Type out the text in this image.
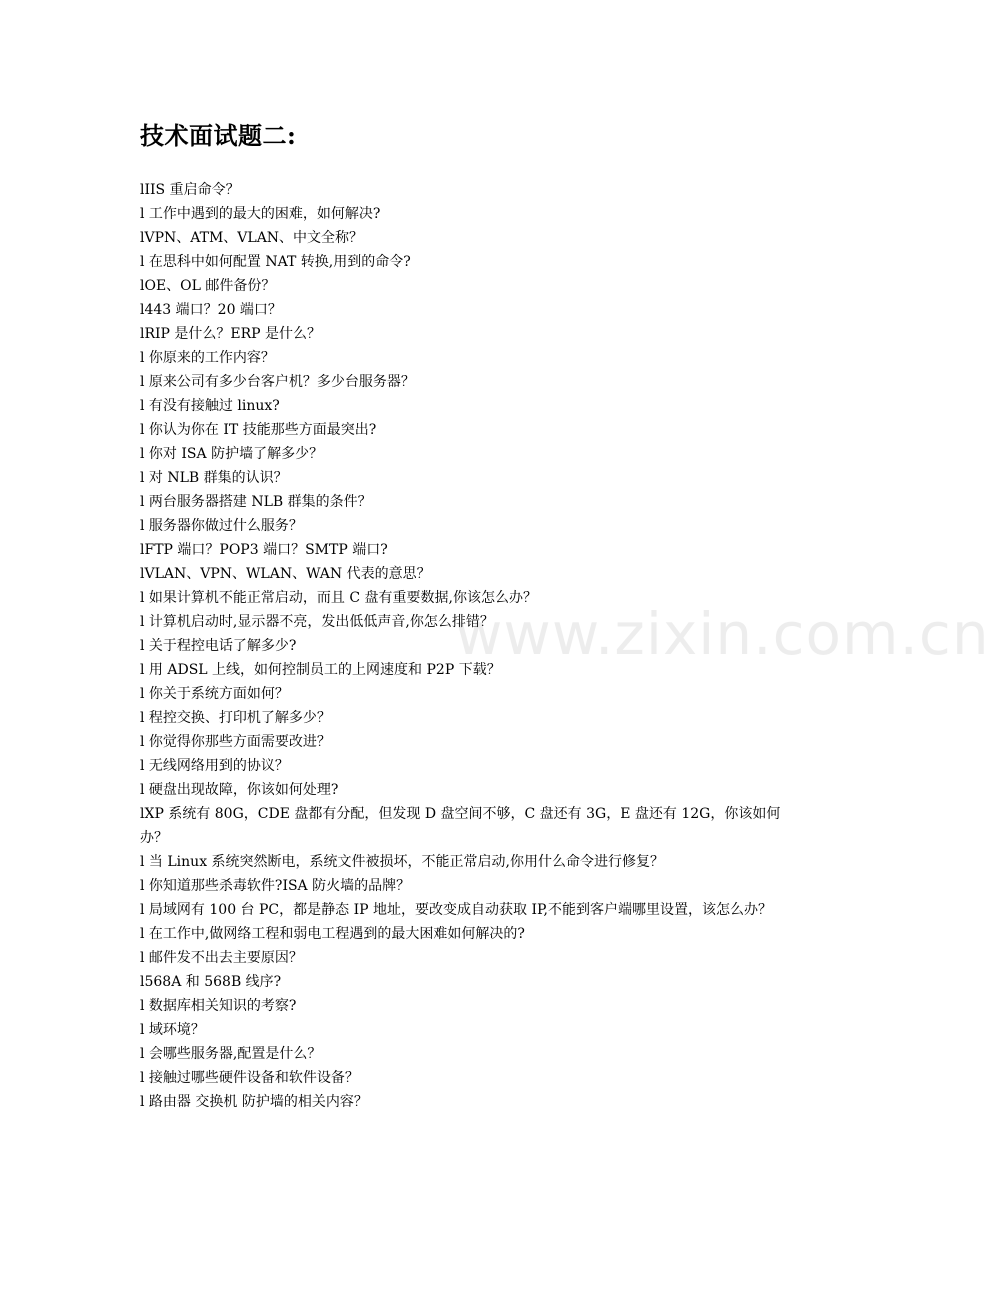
技术面试题二:
lIIS 重启命令？
l 工作中遇到的最大的困难，如何解决?
lVPN、ATM、VLAN、中文全称？
l 在思科中如何配置 NAT 转换,用到的命令?
lOE、OL 邮件备份？
l443 端口？20 端口？
lRIP 是什么？ERP 是什么？
l 你原来的工作内容？
l 原来公司有多少台客户机？多少台服务器？
l 有没有接触过 linux?
l 你认为你在 IT 技能那些方面最突出?
l 你对 ISA 防护墙了解多少？
l 对 NLB 群集的认识？
l 两台服务器搭建 NLB 群集的条件？
l 服务器你做过什么服务？
lFTP 端口？POP3 端口？SMTP 端口?
lVLAN、VPN、WLAN、WAN 代表的意思？
l 如果计算机不能正常启动，而且 C 盘有重要数据,你该怎么办？
l 计算机启动时,显示器不亮，发出低低声音,你怎么排错？
l 关于程控电话了解多少?
l 用 ADSL 上线，如何控制员工的上网速度和 P2P 下载？
l 你关于系统方面如何？
l 程控交换、打印机了解多少？
l 你觉得你那些方面需要改进？
l 无线网络用到的协议？
l 硬盘出现故障，你该如何处理?
lXP 系统有 80G，CDE 盘都有分配，但发现 D 盘空间不够，C 盘还有 3G，E 盘还有 12G，你该如何办？
l 当 Linux 系统突然断电，系统文件被损坏，不能正常启动,你用什么命令进行修复？
l 你知道那些杀毒软件?ISA 防火墙的品牌？
l 局域网有 100 台 PC，都是静态 IP 地址，要改变成自动获取 IP,不能到客户端哪里设置，该怎么办？
l 在工作中,做网络工程和弱电工程遇到的最大困难如何解决的?
l 邮件发不出去主要原因？
l568A 和 568B 线序?
l 数据库相关知识的考察?
l 域环境？
l 会哪些服务器,配置是什么？
l 接触过哪些硬件设备和软件设备？
l 路由器 交换机 防护墙的相关内容？
www.zixin.com.cn
